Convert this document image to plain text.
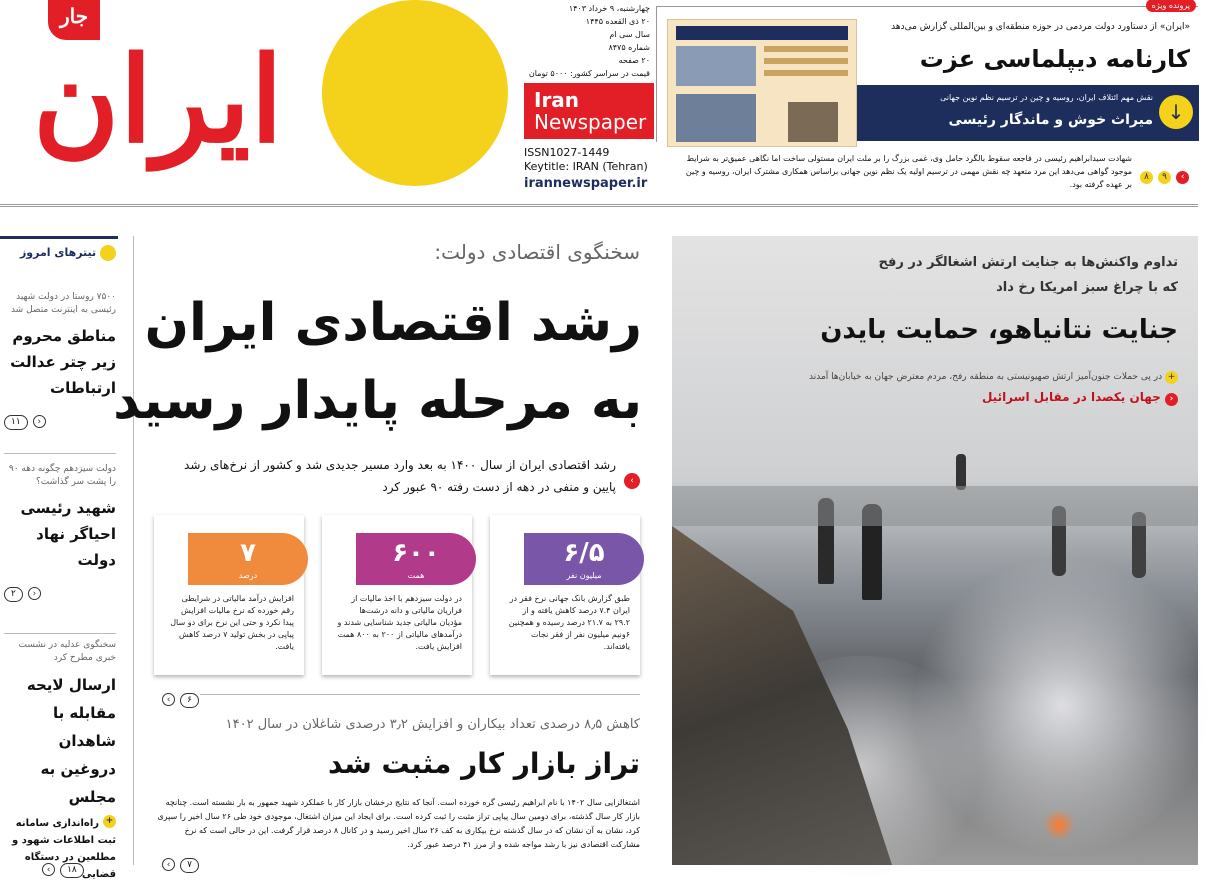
جار
ایران
چهارشنبه، ۹ خرداد ۱۴۰۳
۲۰ ذی القعده ۱۴۴۵
سال سی ام
شماره ۸۴۷۵
۲۰ صفحه
قیمت در سراسر کشور: ۵۰۰۰ تومان
Iran
Newspaper
ISSN1027-1449
Keytitle: IRAN (Tehran)
irannewspaper.ir
پرونده ویژه
«ایران» از دستاورد دولت مردمی در حوزه منطقه‌ای و بین‌المللی گزارش می‌دهد
کارنامه دیپلماسی عزت
نقش مهم ائتلاف ایران، روسیه و چین در ترسیم نظم نوین جهانی
میراث خوش و ماندگار رئیسی ↓
۸ ۹ ‹
شهادت سیدابراهیم رئیسی در فاجعه سقوط بالگرد حامل وی، غمی بزرگ را بر ملت ایران مستولی ساخت اما نگاهی عمیق‌تر به شرایط موجود گواهی می‌دهد این مرد متعهد چه نقش مهمی در ترسیم اولیه یک نظم نوین جهانی براساس همکاری مشترک ایران، روسیه و چین بر عهده گرفته بود.
تیترهای امروز
۷۵۰۰ روستا در دولت شهید رئیسی به اینترنت متصل شد
مناطق محروم زیر چتر عدالت ارتباطات
‹ ۱۱
دولت سیزدهم چگونه دهه ۹۰ را پشت سر گذاشت؟
شهید رئیسی احیاگر نهاد دولت
‹ ۲
سخنگوی عدلیه در نشست خبری مطرح کرد
ارسال لایحه مقابله با شاهدان دروغین به مجلس
+
راه‌اندازی سامانه ثبت اطلاعات شهود و مطلعین در دستگاه قضایی
‹ ۱۸
سخنگوی اقتصادی دولت:
رشد اقتصادی ایران
به مرحله پایدار رسید
‹
رشد اقتصادی ایران از سال ۱۴۰۰ به بعد وارد مسیر جدیدی شد و کشور از نرخ‌های رشد پایین و منفی در دهه از دست رفته ۹۰ عبور کرد
۶/۵
میلیون نفر
طبق گزارش بانک جهانی نرخ فقر در ایران ۷.۴ درصد کاهش یافته و از ۲۹.۲ به ۲۱.۷ درصد رسیده و همچنین ۶ونیم میلیون نفر از فقر نجات یافته‌اند.
۶۰۰
همت
در دولت سیزدهم با اخذ مالیات از فراریان مالیاتی و دانه درشت‌ها مؤدیان مالیاتی جدید شناسایی شدند و درآمدهای مالیاتی از ۲۰۰ به ۸۰۰ همت افزایش یافت.
۷
درصد
افزایش درآمد مالیاتی در شرایطی رقم خورده که نرخ مالیات افزایش پیدا نکرد و حتی این نرخ برای دو سال پیاپی در بخش تولید ۷ درصد کاهش یافت.
‹ ۶
کاهش ۸٫۵ درصدی تعداد بیکاران و افزایش ۳٫۲ درصدی شاغلان در سال ۱۴۰۲
تراز بازار کار مثبت شد
اشتغالزایی سال ۱۴۰۲ با نام ابراهیم رئیسی گره خورده است. آنجا که نتایج درخشان بازار کار با عملکرد شهید جمهور به بار نشسته است. چنانچه بازار کار سال گذشته، برای دومین سال پیاپی تراز مثبت را ثبت کرده است. برای ایجاد این میزان اشتغال، موجودی خود طی ۲۶ سال اخیر را سپری کرد، نشان به آن نشان که در سال گذشته نرخ بیکاری به کف ۲۶ سال اخیر رسید و در کانال ۸ درصد قرار گرفت. این در حالی است که نرخ مشارکت اقتصادی نیز با رشد مواجه شده و از مرز ۴۱ درصد عبور کرد.
‹ ۷
تداوم واکنش‌ها به جنایت ارتش اشغالگر در رفح که با چراغ سبز امریکا رخ داد
جنایت نتانیاهو، حمایت بایدن
+ در پی حملات جنون‌آمیز ارتش صهیونیستی به منطقه رفح، مردم معترض جهان به خیابان‌ها آمدند
‹ جهان یکصدا در مقابل اسرائیل
